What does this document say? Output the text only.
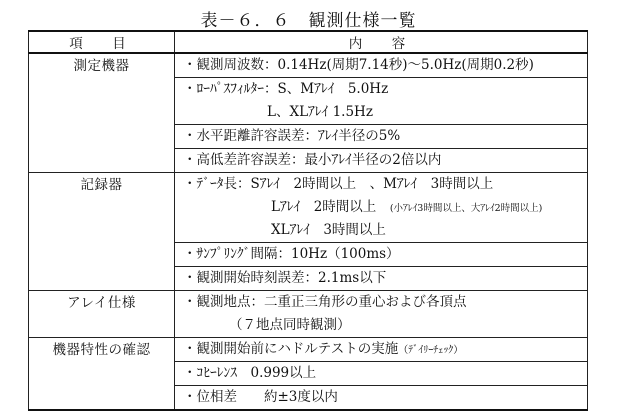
表－６．６　観測仕様一覧
項　目	内　容
測定機器	・観測周波数：0.14Hz(周期7.14秒)～5.0Hz(周期0.2秒)
・ﾛｰﾊﾟｽﾌｨﾙﾀｰ：S、Mｱﾚｲ　5.0Hz
L、XLｱﾚｲ 1.5Hz
・水平距離許容誤差：ｱﾚｲ半径の5%
・高低差許容誤差：最小ｱﾚｲ半径の2倍以内

記録器	・ﾃﾞｰﾀ長：Sｱﾚｲ　2時間以上　、Mｱﾚｲ　3時間以上
Lｱﾚｲ　2時間以上　 (小ｱﾚｲ3時間以上、大ｱﾚｲ2時間以上)
XLｱﾚｲ　3時間以上
・ｻﾝﾌﾟﾘﾝｸﾞ間隔：10Hz（100ms）
・観測開始時刻誤差：2.1ms以下

アレイ仕様	・観測地点：二重正三角形の重心および各頂点
（７地点同時観測）

機器特性の確認	・観測開始前にハドルテストの実施（ﾃﾞｲﾘｰﾁｪｯｸ）
・ｺﾋｰﾚﾝｽ　0.999以上
・位相差　　約±3度以内
